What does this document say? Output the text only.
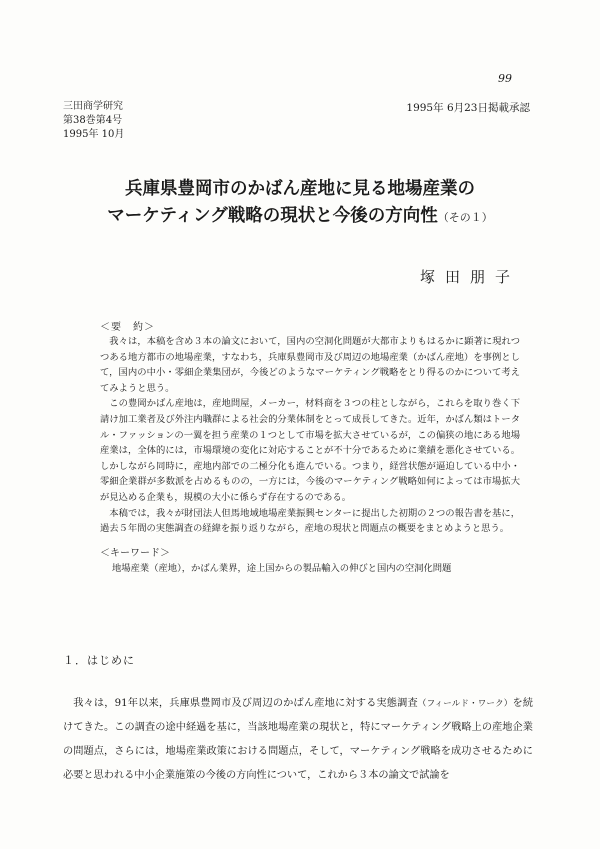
99
三田商学研究
第38巻第4号
1995年 10月
1995年 6月23日掲載承認
兵庫県豊岡市のかばん産地に見る地場産業の
マーケティング戦略の現状と今後の方向性（その１）
塚田朋子
＜要　約＞

我々は，本稿を含め３本の論文において，国内の空洞化問題が大都市よりもはるかに顕著に現れつつある地方都市の地場産業，すなわち，兵庫県豊岡市及び周辺の地場産業（かばん産地）を事例として，国内の中小・零細企業集団が，今後どのようなマーケティング戦略をとり得るのかについて考えてみようと思う。

この豊岡かばん産地は，産地問屋，メーカー，材料商を３つの柱としながら，これらを取り巻く下請け加工業者及び外注内職群による社会的分業体制をとって成長してきた。近年，かばん類はトータル・ファッションの一翼を担う産業の１つとして市場を拡大させているが，この偏狭の地にある地場産業は，全体的には，市場環境の変化に対応することが不十分であるために業績を悪化させている。しかしながら同時に，産地内部での二極分化も進んでいる。つまり，経営状態が逼迫している中小・零細企業群が多数派を占めるものの，一方には，今後のマーケティング戦略如何によっては市場拡大が見込める企業も，規模の大小に係らず存在するのである。

本稿では，我々が財団法人但馬地域地場産業振興センターに提出した初期の２つの報告書を基に，過去５年間の実態調査の経緯を振り返りながら，産地の現状と問題点の概要をまとめようと思う。

＜キーワード＞
地場産業（産地），かばん業界，途上国からの製品輸入の伸びと国内の空洞化問題
１．はじめに

我々は，91年以来，兵庫県豊岡市及び周辺のかばん産地に対する実態調査（フィールド・ワーク）を続けてきた。この調査の途中経過を基に，当該地場産業の現状と，特にマーケティング戦略上の産地企業の問題点，さらには，地場産業政策における問題点，そして，マーケティング戦略を成功させるために必要と思われる中小企業施策の今後の方向性について，これから３本の論文で試論を
